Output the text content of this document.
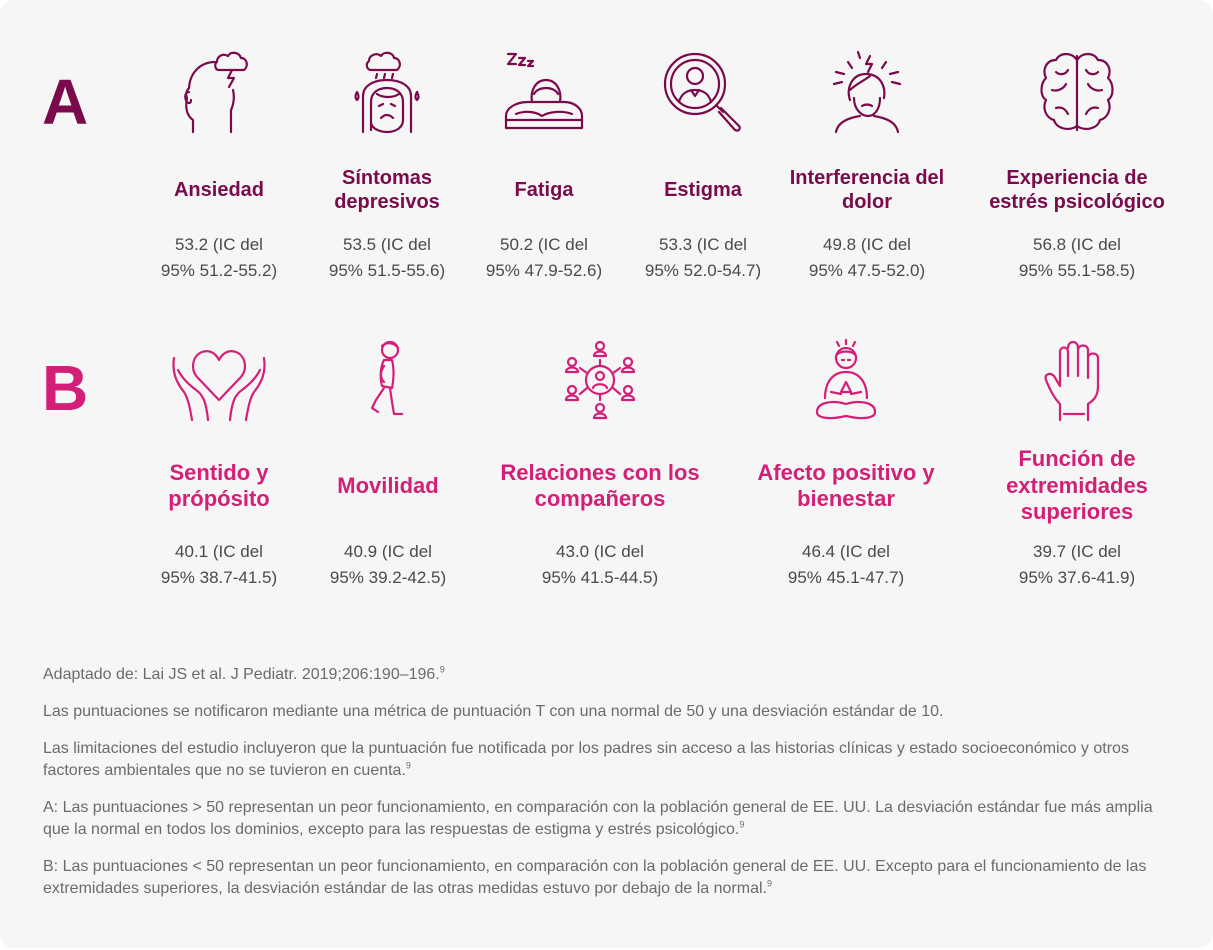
A
B
Ansiedad
53.2 (IC del
95% 51.2-55.2)
Síntomas depresivos
53.5 (IC del
95% 51.5-55.6)
Fatiga
50.2 (IC del
95% 47.9-52.6)
Estigma
53.3 (IC del
95% 52.0-54.7)
Interferencia del dolor
49.8 (IC del
95% 47.5-52.0)
Experiencia de estrés psicológico
56.8 (IC del
95% 55.1-58.5)
Sentido y própósito
40.1 (IC del
95% 38.7-41.5)
Movilidad
40.9 (IC del
95% 39.2-42.5)
Relaciones con los compañeros
43.0 (IC del
95% 41.5-44.5)
Afecto positivo y bienestar
46.4 (IC del
95% 45.1-47.7)
Función de extremidades superiores
39.7 (IC del
95% 37.6-41.9)

Adaptado de: Lai JS et al. J Pediatr. 2019;206:190–196.$^9$

Las puntuaciones se notificaron mediante una métrica de puntuación T con una normal de 50 y una desviación estándar de 10.

Las limitaciones del estudio incluyeron que la puntuación fue notificada por los padres sin acceso a las historias clínicas y estado socioeconómico y otros factores ambientales que no se tuvieron en cuenta.$^9$

A: Las puntuaciones > 50 representan un peor funcionamiento, en comparación con la población general de EE. UU. La desviación estándar fue más amplia que la normal en todos los dominios, excepto para las respuestas de estigma y estrés psicológico.$^9$

B: Las puntuaciones < 50 representan un peor funcionamiento, en comparación con la población general de EE. UU. Excepto para el funcionamiento de las extremidades superiores, la desviación estándar de las otras medidas estuvo por debajo de la normal.$^9$
